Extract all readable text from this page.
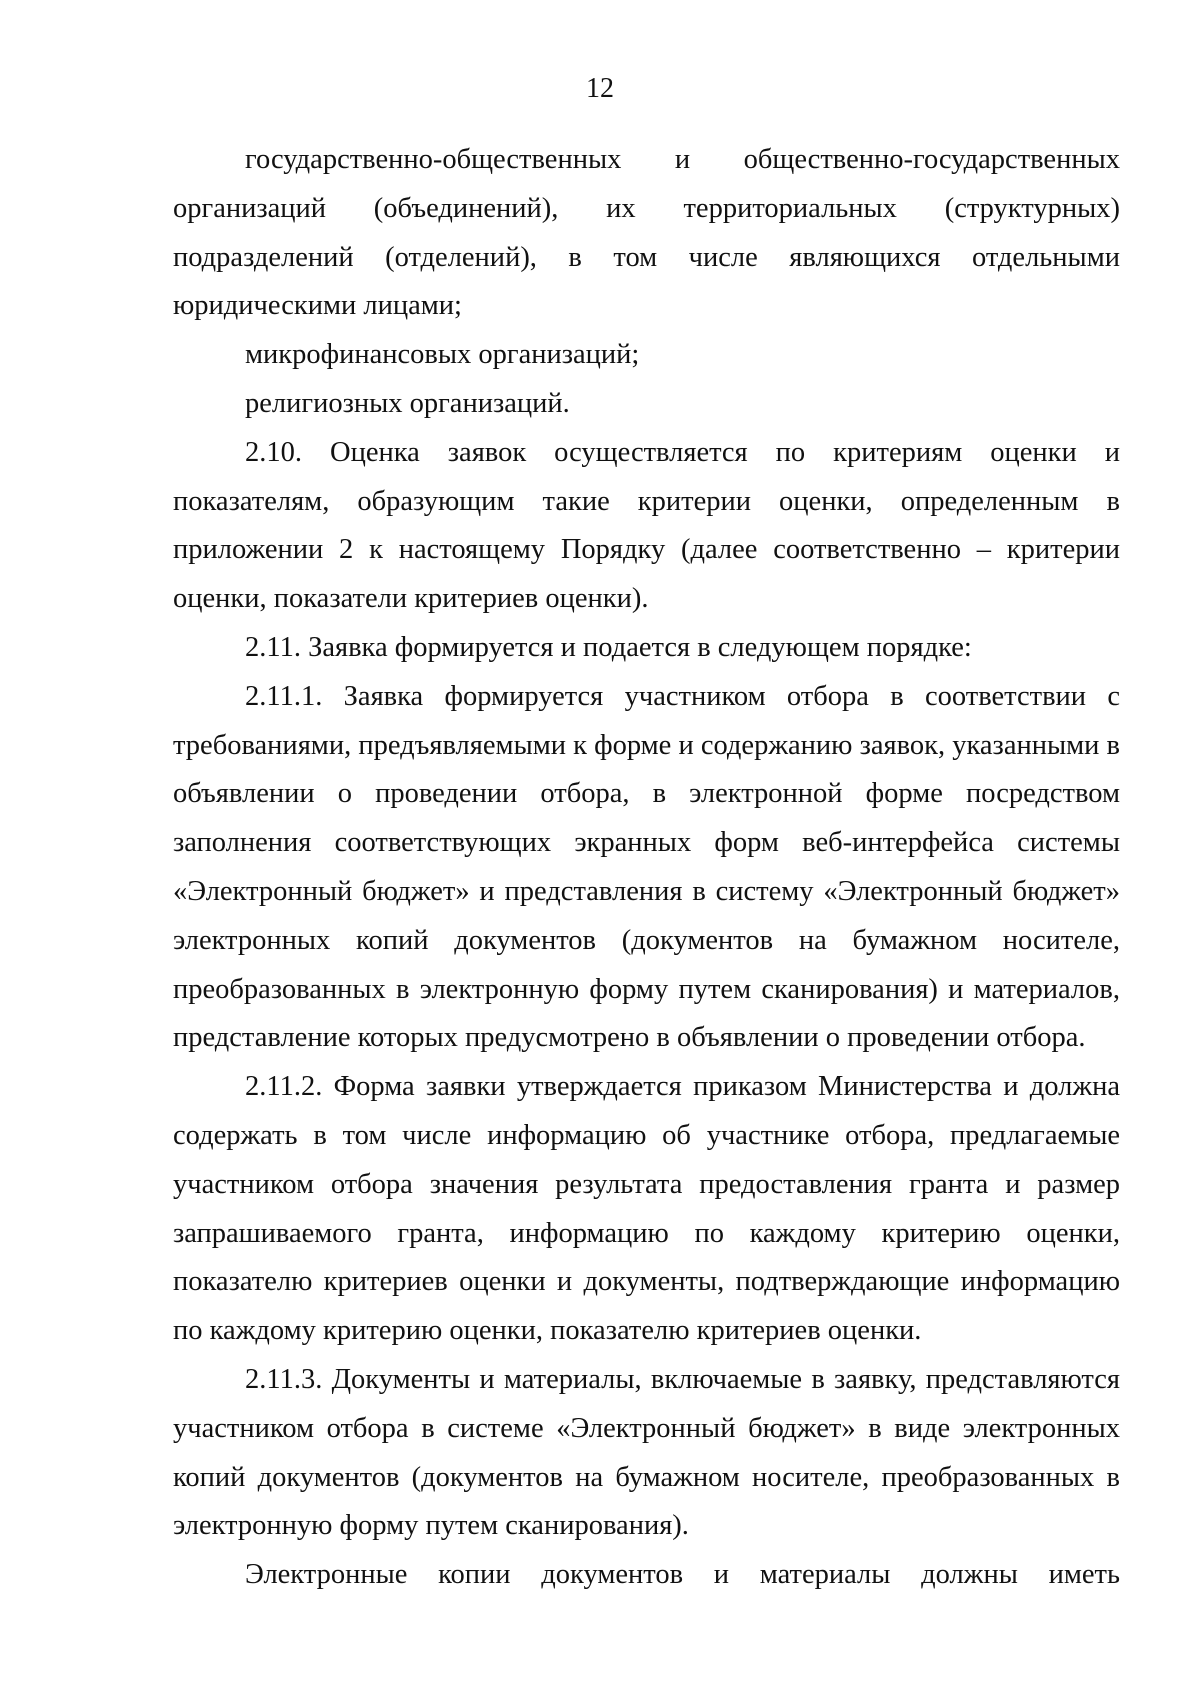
12

государственно-общественных и общественно-государственных организаций (объединений), их территориальных (структурных) подразделений (отделений), в том числе являющихся отдельными юридическими лицами;

микрофинансовых организаций;

религиозных организаций.

2.10. Оценка заявок осуществляется по критериям оценки и показателям, образующим такие критерии оценки, определенным в приложении 2 к настоящему Порядку (далее соответственно – критерии оценки, показатели критериев оценки).

2.11. Заявка формируется и подается в следующем порядке:

2.11.1. Заявка формируется участником отбора в соответствии с требованиями, предъявляемыми к форме и содержанию заявок, указанными в объявлении о проведении отбора, в электронной форме посредством заполнения соответствующих экранных форм веб-интерфейса системы «Электронный бюджет» и представления в систему «Электронный бюджет» электронных копий документов (документов на бумажном носителе, преобразованных в электронную форму путем сканирования) и материалов, представление которых предусмотрено в объявлении о проведении отбора.

2.11.2. Форма заявки утверждается приказом Министерства и должна содержать в том числе информацию об участнике отбора, предлагаемые участником отбора значения результата предоставления гранта и размер запрашиваемого гранта, информацию по каждому критерию оценки, показателю критериев оценки и документы, подтверждающие информацию по каждому критерию оценки, показателю критериев оценки.

2.11.3. Документы и материалы, включаемые в заявку, представляются участником отбора в системе «Электронный бюджет» в виде электронных копий документов (документов на бумажном носителе, преобразованных в электронную форму путем сканирования).

Электронные копии документов и материалы должны иметь
